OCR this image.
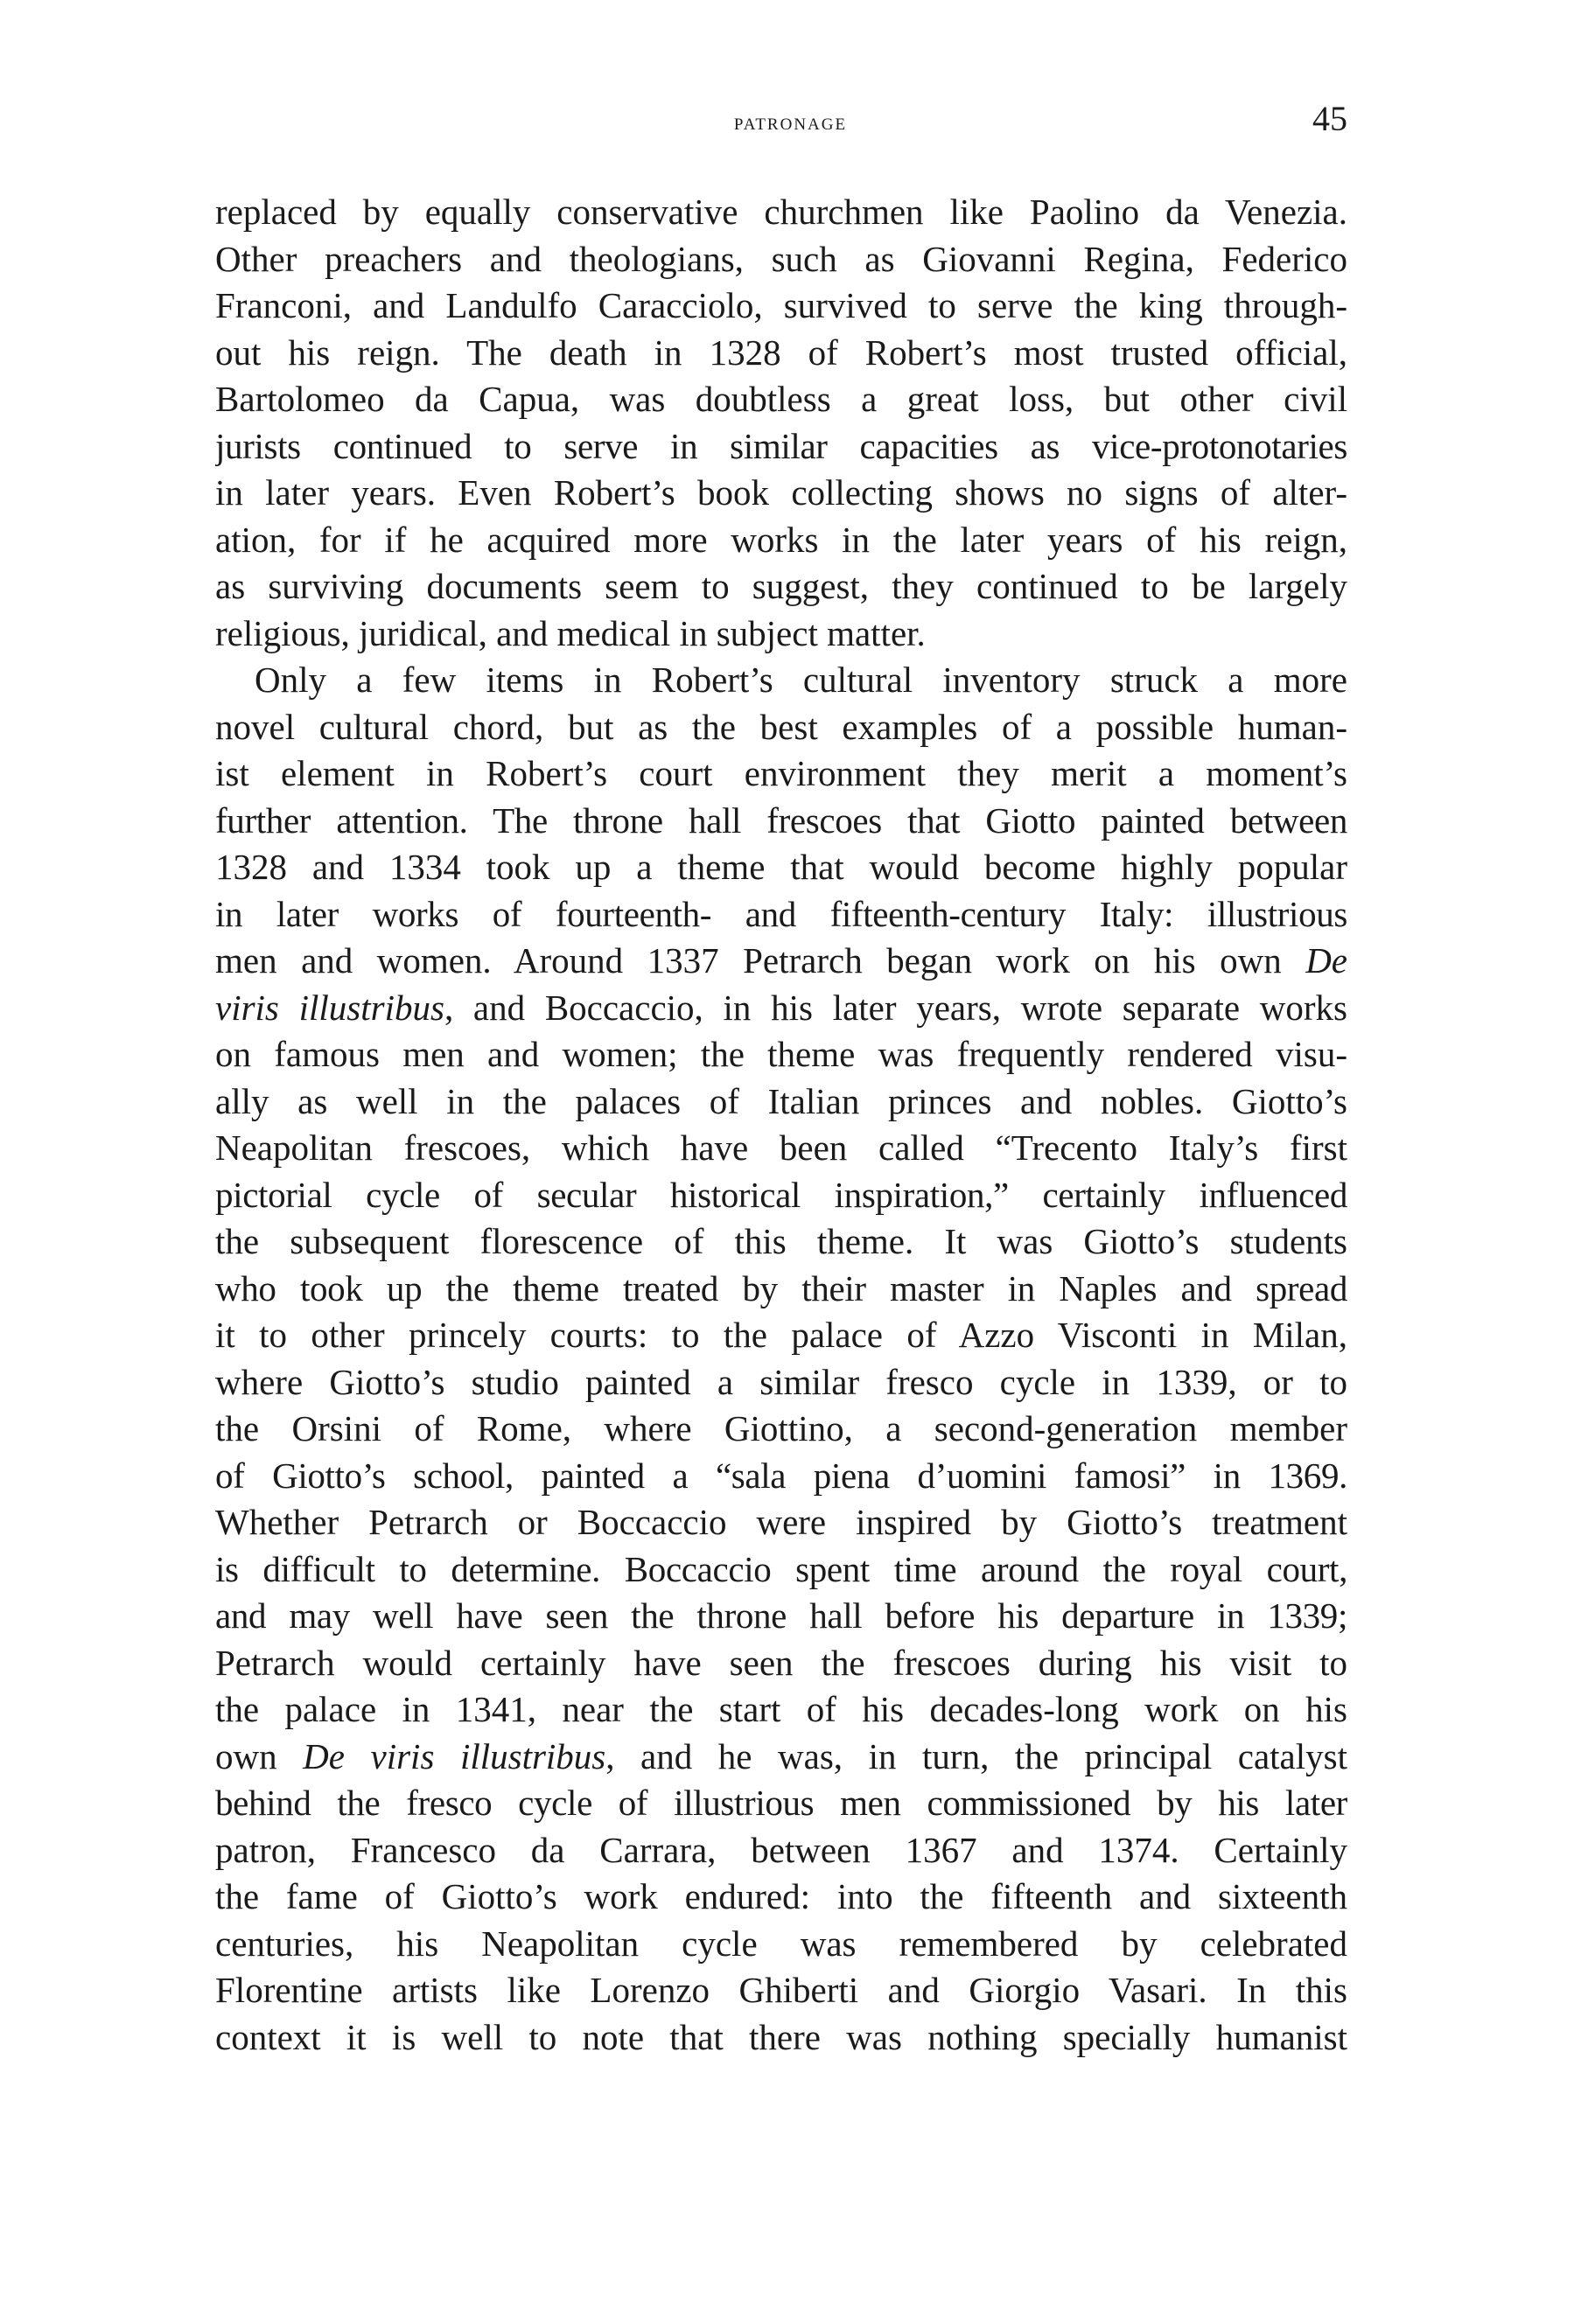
patronage	45

replaced by equally conservative churchmen like Paolino da Venezia.
Other preachers and theologians, such as Giovanni Regina, Federico
Franconi, and Landulfo Caracciolo, survived to serve the king through-
out his reign. The death in 1328 of Robert’s most trusted official,
Bartolomeo da Capua, was doubtless a great loss, but other civil
jurists continued to serve in similar capacities as vice-protonotaries
in later years. Even Robert’s book collecting shows no signs of alter-
ation, for if he acquired more works in the later years of his reign,
as surviving documents seem to suggest, they continued to be largely
religious, juridical, and medical in subject matter.

Only a few items in Robert’s cultural inventory struck a more
novel cultural chord, but as the best examples of a possible human-
ist element in Robert’s court environment they merit a moment’s
further attention. The throne hall frescoes that Giotto painted between
1328 and 1334 took up a theme that would become highly popular
in later works of fourteenth- and fifteenth-century Italy: illustrious
men and women. Around 1337 Petrarch began work on his own De
viris illustribus, and Boccaccio, in his later years, wrote separate works
on famous men and women; the theme was frequently rendered visu-
ally as well in the palaces of Italian princes and nobles. Giotto’s
Neapolitan frescoes, which have been called “Trecento Italy’s first
pictorial cycle of secular historical inspiration,” certainly influenced
the subsequent florescence of this theme. It was Giotto’s students
who took up the theme treated by their master in Naples and spread
it to other princely courts: to the palace of Azzo Visconti in Milan,
where Giotto’s studio painted a similar fresco cycle in 1339, or to
the Orsini of Rome, where Giottino, a second-generation member
of Giotto’s school, painted a “sala piena d’uomini famosi” in 1369.
Whether Petrarch or Boccaccio were inspired by Giotto’s treatment
is difficult to determine. Boccaccio spent time around the royal court,
and may well have seen the throne hall before his departure in 1339;
Petrarch would certainly have seen the frescoes during his visit to
the palace in 1341, near the start of his decades-long work on his
own De viris illustribus, and he was, in turn, the principal catalyst
behind the fresco cycle of illustrious men commissioned by his later
patron, Francesco da Carrara, between 1367 and 1374. Certainly
the fame of Giotto’s work endured: into the fifteenth and sixteenth
centuries, his Neapolitan cycle was remembered by celebrated
Florentine artists like Lorenzo Ghiberti and Giorgio Vasari. In this
context it is well to note that there was nothing specially humanist
